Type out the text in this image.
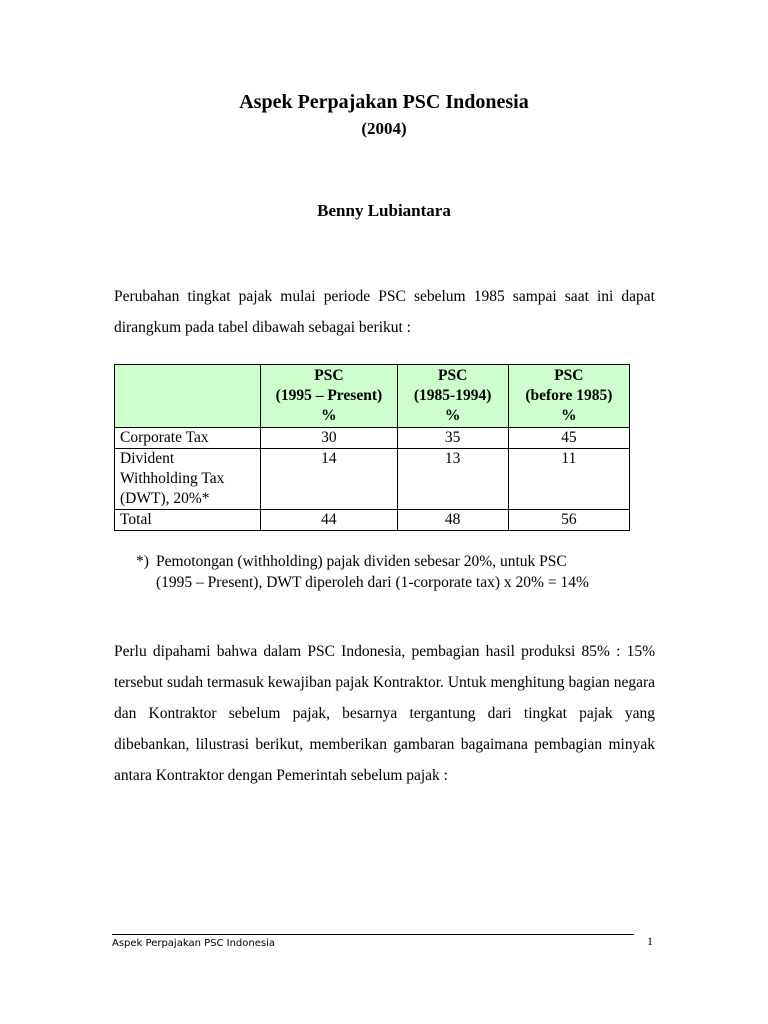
Aspek Perpajakan PSC Indonesia
(2004)
Benny Lubiantara
Perubahan tingkat pajak mulai periode PSC sebelum 1985 sampai saat ini dapat dirangkum pada tabel dibawah sebagai berikut :

	PSC
(1995 – Present)
%	PSC
(1985-1994)
%	PSC
(before 1985)
%

Corporate Tax	30	35	45

Divident
Withholding Tax
(DWT), 20%*	14	13	11

Total	44	48	56
*) Pemotongan (withholding) pajak dividen sebesar 20%, untuk PSC
(1995 – Present), DWT diperoleh dari (1-corporate tax) x 20% = 14%
Perlu dipahami bahwa dalam PSC Indonesia, pembagian hasil produksi 85% : 15% tersebut sudah termasuk kewajiban pajak Kontraktor. Untuk menghitung bagian negara dan Kontraktor sebelum pajak, besarnya tergantung dari tingkat pajak yang dibebankan, lilustrasi berikut, memberikan gambaran bagaimana pembagian minyak antara Kontraktor dengan Pemerintah sebelum pajak :
Aspek Perpajakan PSC Indonesia	1
